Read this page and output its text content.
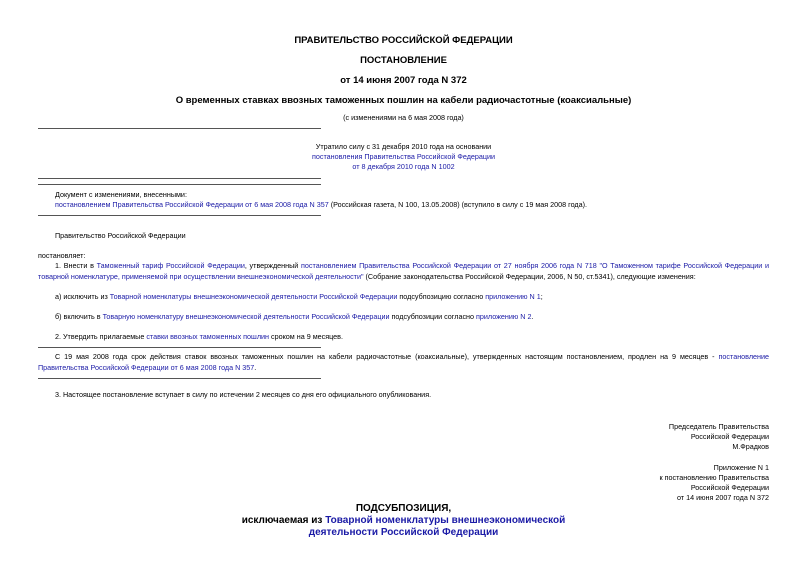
ПРАВИТЕЛЬСТВО РОССИЙСКОЙ ФЕДЕРАЦИИ
ПОСТАНОВЛЕНИЕ
от 14 июня 2007 года N 372
О временных ставках ввозных таможенных пошлин на кабели радиочастотные (коаксиальные)
(с изменениями на 6 мая 2008 года)
Утратило силу с 31 декабря 2010 года на основании
постановления Правительства Российской Федерации
от 8 декабря 2010 года N 1002
Документ с изменениями, внесенными:
постановлением Правительства Российской Федерации от 6 мая 2008 года N 357 (Российская газета, N 100, 13.05.2008) (вступило в силу с 19 мая 2008 года).
Правительство Российской Федерации
постановляет:
1. Внести в Таможенный тариф Российской Федерации, утвержденный постановлением Правительства Российской Федерации от 27 ноября 2006 года N 718 "О Таможенном тарифе Российской Федерации и товарной номенклатуре, применяемой при осуществлении внешнеэкономической деятельности" (Собрание законодательства Российской Федерации, 2006, N 50, ст.5341), следующие изменения:
а) исключить из Товарной номенклатуры внешнеэкономической деятельности Российской Федерации подсубпозицию согласно приложению N 1;
б) включить в Товарную номенклатуру внешнеэкономической деятельности Российской Федерации подсубпозиции согласно приложению N 2.
2. Утвердить прилагаемые ставки ввозных таможенных пошлин сроком на 9 месяцев.
С 19 мая 2008 года срок действия ставок ввозных таможенных пошлин на кабели радиочастотные (коаксиальные), утвержденных настоящим постановлением, продлен на 9 месяцев - постановление Правительства Российской Федерации от 6 мая 2008 года N 357.
3. Настоящее постановление вступает в силу по истечении 2 месяцев со дня его официального опубликования.
Председатель Правительства
Российской Федерации
М.Фрадков
Приложение N 1
к постановлению Правительства
Российской Федерации
от 14 июня 2007 года N 372
ПОДСУБПОЗИЦИЯ,
исключаемая из Товарной номенклатуры внешнеэкономической
деятельности Российской Федерации
